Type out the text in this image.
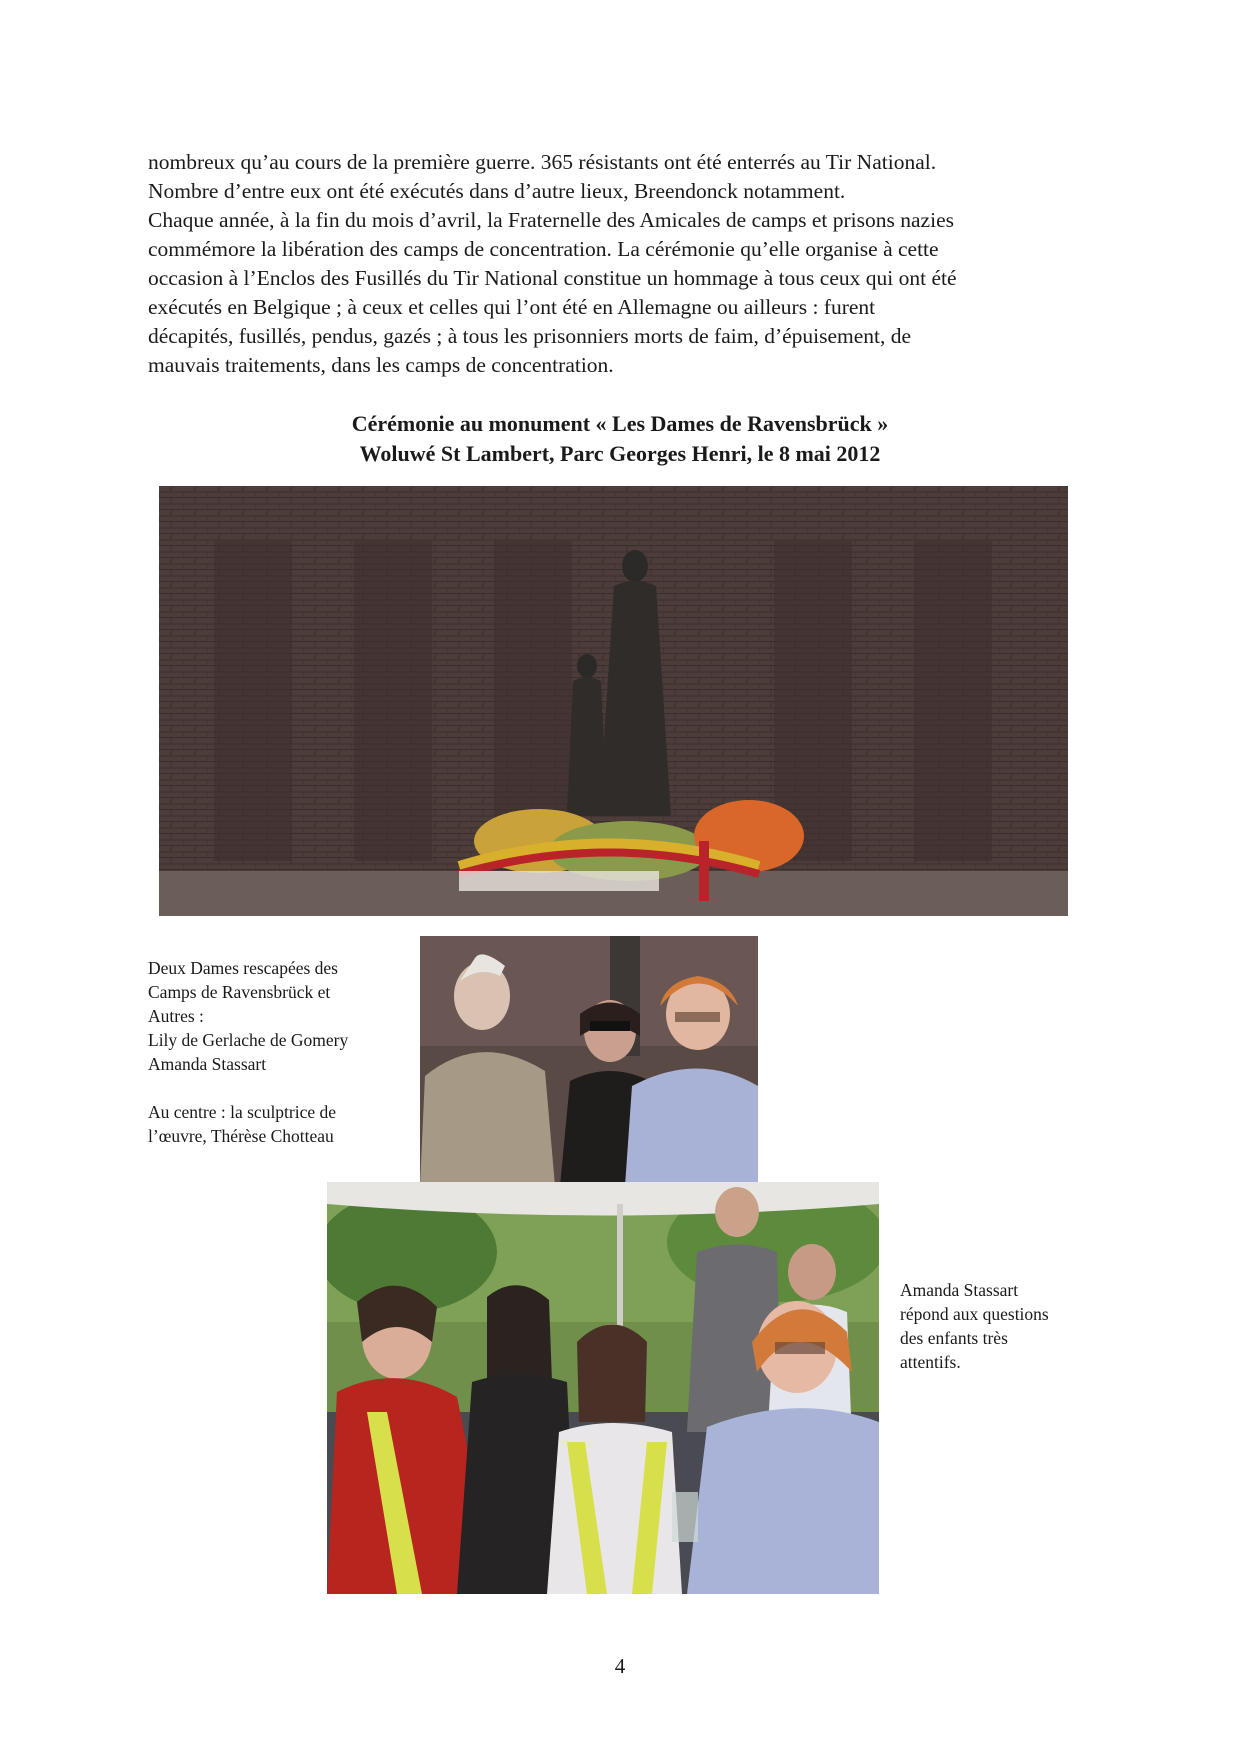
nombreux qu’au cours de la première guerre. 365 résistants ont été enterrés au Tir National.
Nombre d’entre eux ont été exécutés dans d’autre lieux, Breendonck notamment.
Chaque année, à la fin du mois d’avril, la Fraternelle des Amicales de camps et prisons nazies
commémore la libération des camps de concentration. La cérémonie qu’elle organise à cette
occasion à l’Enclos des Fusillés du Tir National constitue un hommage à tous ceux qui ont été
exécutés en Belgique ; à ceux et celles qui l’ont été en Allemagne ou ailleurs : furent
décapités, fusillés, pendus, gazés ; à tous les prisonniers morts de faim, d’épuisement, de
mauvais traitements, dans les camps de concentration.

Cérémonie au monument « Les Dames de Ravensbrück »
Woluwé St Lambert, Parc Georges Henri, le 8 mai 2012
Deux Dames rescapées des
Camps de Ravensbrück et
Autres :
Lily de Gerlache de Gomery
Amanda Stassart
Au centre : la sculptrice de
l’œuvre, Thérèse Chotteau
Amanda Stassart
répond aux questions
des enfants très
attentifs.
4
